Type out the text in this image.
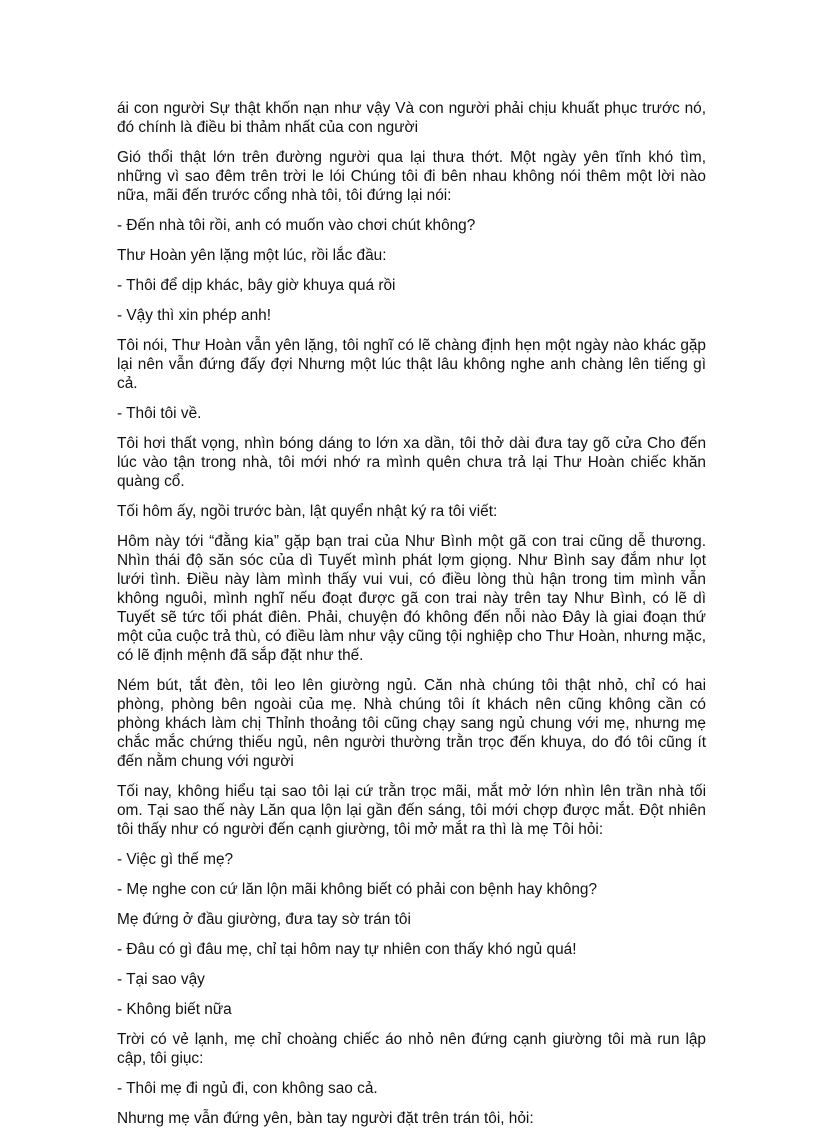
ái con người Sự thật khốn nạn như vậy Và con người phải chịu khuất phục trước nó, đó chính là điều bi thảm nhất của con người

Gió thổi thật lớn trên đường người qua lại thưa thớt. Một ngày yên tĩnh khó tìm, những vì sao đêm trên trời le lói Chúng tôi đi bên nhau không nói thêm một lời nào nữa, mãi đến trước cổng nhà tôi, tôi đứng lại nói:

- Đến nhà tôi rồi, anh có muốn vào chơi chút không?

Thư Hoàn yên lặng một lúc, rồi lắc đầu:

- Thôi để dịp khác, bây giờ khuya quá rồi

- Vậy thì xin phép anh!

Tôi nói, Thư Hoàn vẫn yên lặng, tôi nghĩ có lẽ chàng định hẹn một ngày nào khác gặp lại nên vẫn đứng đấy đợi Nhưng một lúc thật lâu không nghe anh chàng lên tiếng gì cả.

- Thôi tôi về.

Tôi hơi thất vọng, nhìn bóng dáng to lớn xa dần, tôi thở dài đưa tay gõ cửa Cho đến lúc vào tận trong nhà, tôi mới nhớ ra mình quên chưa trả lại Thư Hoàn chiếc khăn quàng cổ.

Tối hôm ấy, ngồi trước bàn, lật quyển nhật ký ra tôi viết:

Hôm này tới “đằng kia” gặp bạn trai của Như Bình một gã con trai cũng dễ thương. Nhìn thái độ săn sóc của dì Tuyết mình phát lợm giọng. Như Bình say đắm như lọt lưới tình. Điều này làm mình thấy vui vui, có điều lòng thù hận trong tim mình vẫn không nguôi, mình nghĩ nếu đoạt được gã con trai này trên tay Như Bình, có lẽ dì Tuyết sẽ tức tối phát điên. Phải, chuyện đó không đến nỗi nào Đây là giai đoạn thứ một của cuộc trả thù, có điều làm như vậy cũng tội nghiệp cho Thư Hoàn, nhưng mặc, có lẽ định mệnh đã sắp đặt như thế.

Ném bút, tắt đèn, tôi leo lên giường ngủ. Căn nhà chúng tôi thật nhỏ, chỉ có hai phòng, phòng bên ngoài của mẹ. Nhà chúng tôi ít khách nên cũng không cần có phòng khách làm chị Thỉnh thoảng tôi cũng chạy sang ngủ chung với mẹ, nhưng mẹ chắc mắc chứng thiếu ngủ, nên người thường trằn trọc đến khuya, do đó tôi cũng ít đến nằm chung với người

Tối nay, không hiểu tại sao tôi lại cứ trằn trọc mãi, mắt mở lớn nhìn lên trần nhà tối om. Tại sao thế này Lăn qua lộn lại gần đến sáng, tôi mới chợp được mắt. Đột nhiên tôi thấy như có người đến cạnh giường, tôi mở mắt ra thì là mẹ Tôi hỏi:

- Việc gì thế mẹ?

- Mẹ nghe con cứ lăn lộn mãi không biết có phải con bệnh hay không?

Mẹ đứng ở đầu giường, đưa tay sờ trán tôi

- Đâu có gì đâu mẹ, chỉ tại hôm nay tự nhiên con thấy khó ngủ quá!

- Tại sao vậy

- Không biết nữa

Trời có vẻ lạnh, mẹ chỉ choàng chiếc áo nhỏ nên đứng cạnh giường tôi mà run lập cập, tôi giục:

- Thôi mẹ đi ngủ đi, con không sao cả.

Nhưng mẹ vẫn đứng yên, bàn tay người đặt trên trán tôi, hỏi:
